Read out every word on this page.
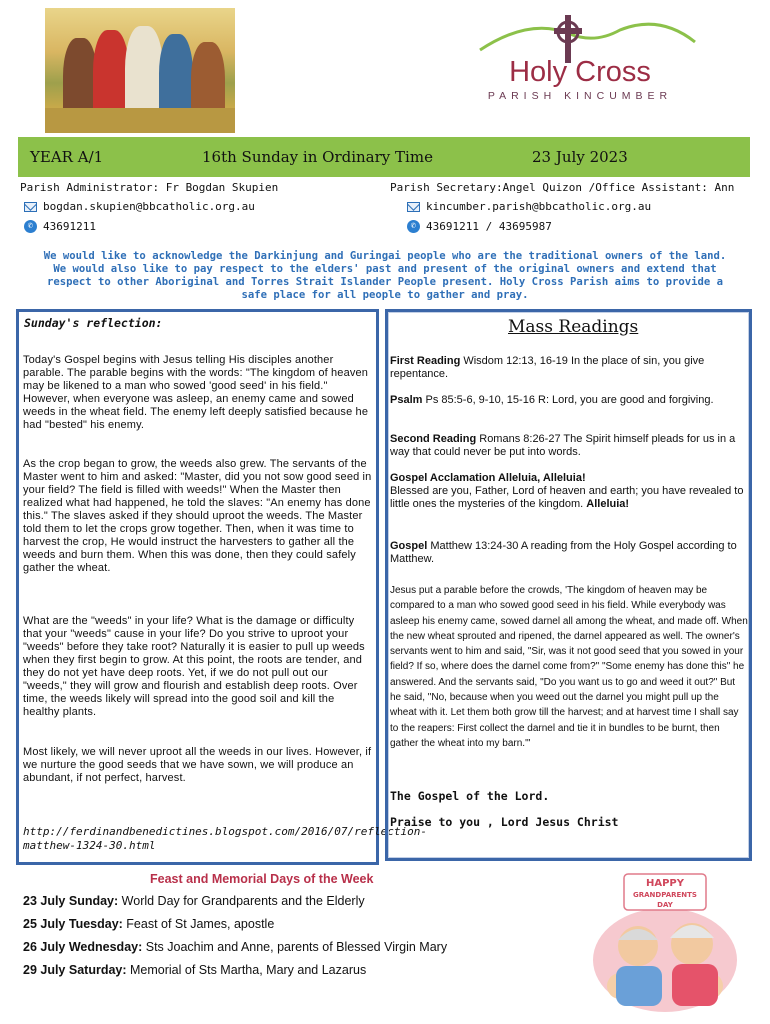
Holy Cross
PARISH KINCUMBER
YEAR A/1	16th Sunday in Ordinary Time	23 July 2023
Parish Administrator: Fr Bogdan Skupien	Parish Secretary:Angel Quizon /Office Assistant: Ann
bogdan.skupien@bbcatholic.org.au
✆ 43691211
kincumber.parish@bbcatholic.org.au
✆ 43691211 / 43695987
We would like to acknowledge the Darkinjung and Guringai people who are the traditional owners of the land. We would also like to pay respect to the elders' past and present of the original owners and extend that respect to other Aboriginal and Torres Strait Islander People present. Holy Cross Parish aims to provide a safe place for all people to gather and pray.
Sunday's reflection:
Today's Gospel begins with Jesus telling His disciples another parable. The parable begins with the words: "The kingdom of heaven may be likened to a man who sowed 'good seed' in his field." However, when everyone was asleep, an enemy came and sowed weeds in the wheat field. The enemy left deeply satisfied because he had "bested" his enemy.
As the crop began to grow, the weeds also grew. The servants of the Master went to him and asked: "Master, did you not sow good seed in your field? The field is filled with weeds!" When the Master then realized what had happened, he told the slaves: "An enemy has done this." The slaves asked if they should uproot the weeds. The Master told them to let the crops grow together. Then, when it was time to harvest the crop, He would instruct the harvesters to gather all the weeds and burn them. When this was done, then they could safely gather the wheat.
What are the "weeds" in your life? What is the damage or difficulty that your "weeds" cause in your life? Do you strive to uproot your "weeds" before they take root? Naturally it is easier to pull up weeds when they first begin to grow. At this point, the roots are tender, and they do not yet have deep roots. Yet, if we do not pull out our "weeds," they will grow and flourish and establish deep roots. Over time, the weeds likely will spread into the good soil and kill the healthy plants.
Most likely, we will never uproot all the weeds in our lives. However, if we nurture the good seeds that we have sown, we will produce an abundant, if not perfect, harvest.
http://ferdinandbenedictines.blogspot.com/2016/07/reflection-matthew-1324-30.html
Mass Readings
First Reading Wisdom 12:13, 16-19 In the place of sin, you give repentance.
Psalm Ps 85:5-6, 9-10, 15-16 R: Lord, you are good and forgiving.
Second Reading Romans 8:26-27 The Spirit himself pleads for us in a way that could never be put into words.
Gospel Acclamation Alleluia, Alleluia!
Blessed are you, Father, Lord of heaven and earth; you have revealed to little ones the mysteries of the kingdom. Alleluia!
Gospel Matthew 13:24-30 A reading from the Holy Gospel according to Matthew.
Jesus put a parable before the crowds, 'The kingdom of heaven may be compared to a man who sowed good seed in his field. While everybody was asleep his enemy came, sowed darnel all among the wheat, and made off. When the new wheat sprouted and ripened, the darnel appeared as well. The owner's servants went to him and said, "Sir, was it not good seed that you sowed in your field? If so, where does the darnel come from?" "Some enemy has done this" he answered. And the servants said, "Do you want us to go and weed it out?" But he said, "No, because when you weed out the darnel you might pull up the wheat with it. Let them both grow till the harvest; and at harvest time I shall say to the reapers: First collect the darnel and tie it in bundles to be burnt, then gather the wheat into my barn."'
The Gospel of the Lord.
Praise to you , Lord Jesus Christ
Feast and Memorial Days of the Week
23 July Sunday: World Day for Grandparents and the Elderly
25 July Tuesday: Feast of St James, apostle
26 July Wednesday: Sts Joachim and Anne, parents of Blessed Virgin Mary
29 July Saturday: Memorial of Sts Martha, Mary and Lazarus
HAPPY
GRANDPARENTS
DAY
